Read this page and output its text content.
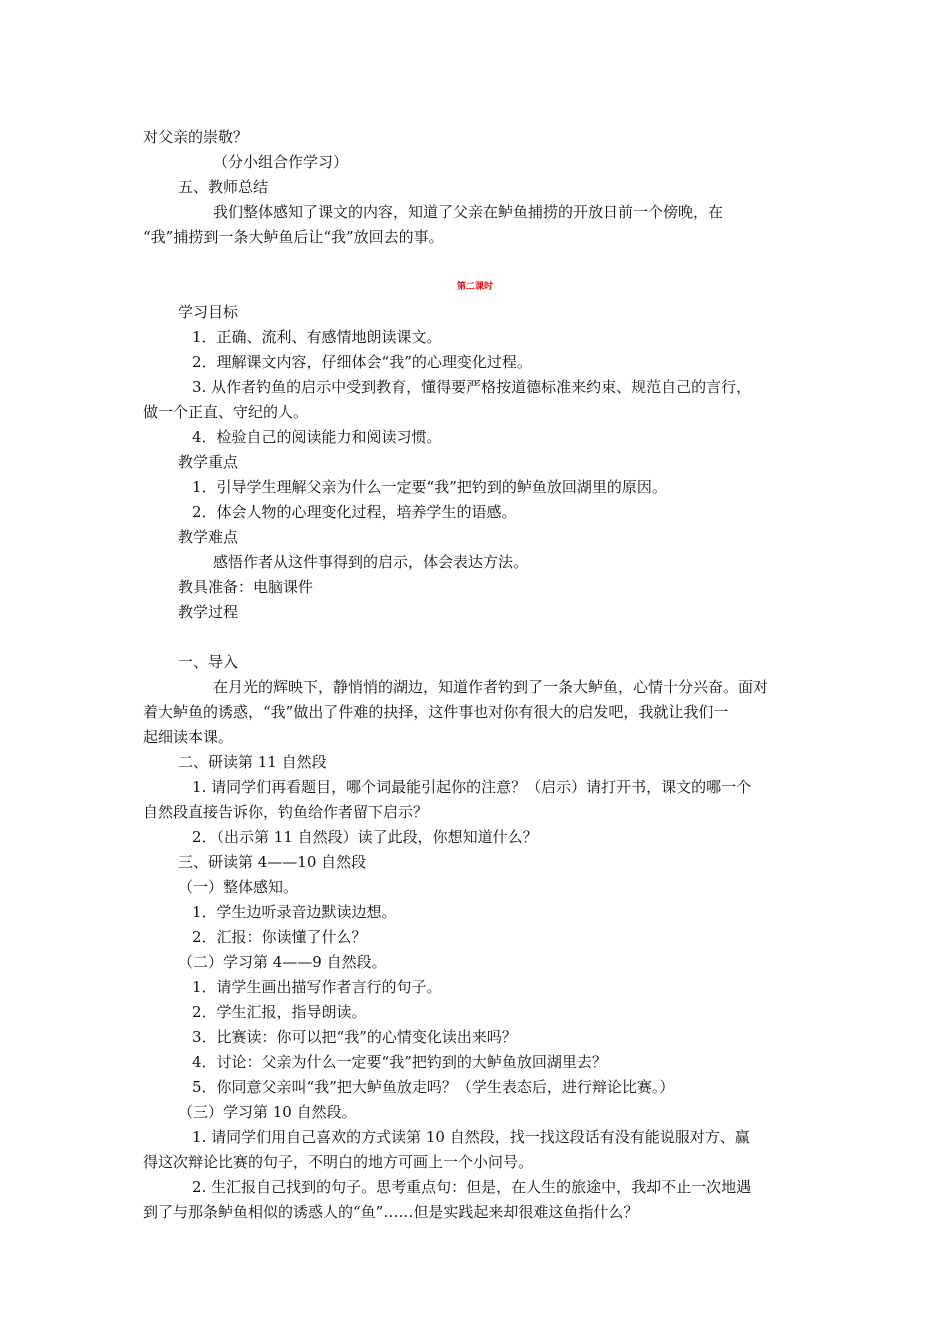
对父亲的崇敬？
（分小组合作学习）
五、教师总结
我们整体感知了课文的内容，知道了父亲在鲈鱼捕捞的开放日前一个傍晚，在
“我”捕捞到一条大鲈鱼后让“我”放回去的事。
第二课时
学习目标
1．正确、流利、有感情地朗读课文。
2．理解课文内容，仔细体会“我”的心理变化过程。
3. 从作者钓鱼的启示中受到教育，懂得要严格按道德标准来约束、规范自己的言行，
做一个正直、守纪的人。
4．检验自己的阅读能力和阅读习惯。
教学重点
1．引导学生理解父亲为什么一定要“我”把钓到的鲈鱼放回湖里的原因。
2．体会人物的心理变化过程，培养学生的语感。
教学难点
感悟作者从这件事得到的启示，体会表达方法。
教具准备：电脑课件
教学过程
一、导入
在月光的辉映下，静悄悄的湖边，知道作者钓到了一条大鲈鱼，心情十分兴奋。面对
着大鲈鱼的诱惑，“我”做出了件难的抉择，这件事也对你有很大的启发吧，我就让我们一
起细读本课。
二、研读第 11 自然段
1. 请同学们再看题目，哪个词最能引起你的注意？（启示）请打开书，课文的哪一个
自然段直接告诉你，钓鱼给作者留下启示？
2．（出示第 11 自然段）读了此段，你想知道什么？
三、研读第 4——10 自然段
（一）整体感知。
1．学生边听录音边默读边想。
2．汇报：你读懂了什么？
（二）学习第 4——9 自然段。
1．请学生画出描写作者言行的句子。
2．学生汇报，指导朗读。
3．比赛读：你可以把“我”的心情变化读出来吗？
4．讨论：父亲为什么一定要“我”把钓到的大鲈鱼放回湖里去？
5．你同意父亲叫“我”把大鲈鱼放走吗？（学生表态后，进行辩论比赛。）
（三）学习第 10 自然段。
1. 请同学们用自己喜欢的方式读第 10 自然段，找一找这段话有没有能说服对方、赢
得这次辩论比赛的句子，不明白的地方可画上一个小问号。
2. 生汇报自己找到的句子。思考重点句：但是，在人生的旅途中，我却不止一次地遇
到了与那条鲈鱼相似的诱惑人的“鱼”……但是实践起来却很难这鱼指什么？
